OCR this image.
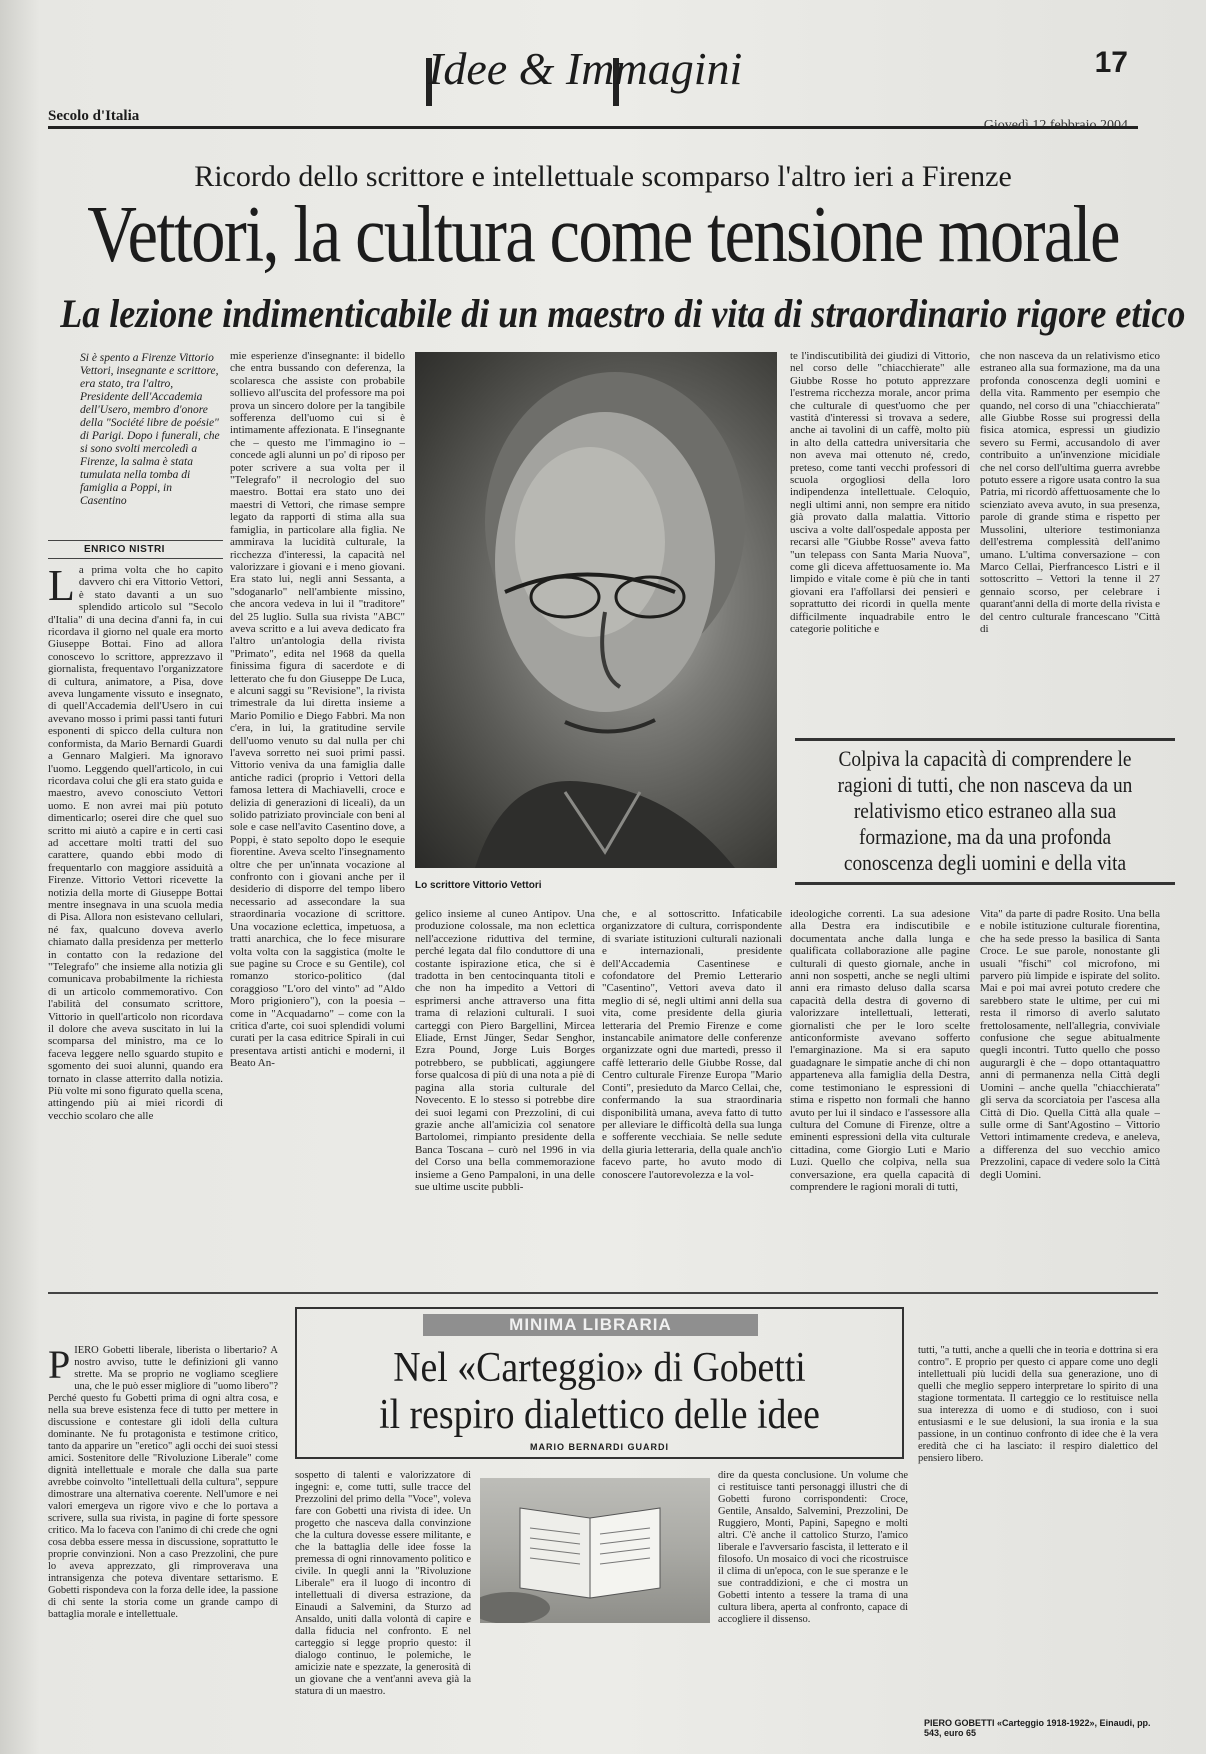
Idee & Immagini
Secolo d'Italia
17
Ricordo dello scrittore e intellettuale scomparso l'altro ieri a Firenze
Vettori, la cultura come tensione morale
La lezione indimenticabile di un maestro di vita di straordinario rigore etico
Si è spento a Firenze Vittorio Vettori, insegnante e scrittore, era stato, tra l'altro, Presidente dell'Accademia dell'Usero, membro d'onore della "Société libre de poésie" di Parigi. Dopo i funerali, che si sono svolti mercoledì a Firenze, la salma è stata tumulata nella tomba di famiglia a Poppi, in Casentino
ENRICO NISTRI
La prima volta che ho capito davvero chi era Vittorio Vettori, è stato davanti a un suo splendido articolo sul "Secolo d'Italia" di una decina d'anni fa, in cui ricordava il giorno nel quale era morto Giuseppe Bottai. Fino ad allora conoscevo lo scrittore, apprezzavo il giornalista, frequentavo l'organizzatore di cultura, animatore, a Pisa, dove aveva lungamente vissuto e insegnato, di quell'Accademia dell'Usero in cui avevano mosso i primi passi tanti futuri esponenti di spicco della cultura non conformista, da Mario Bernardi Guardi a Gennaro Malgieri. Ma ignoravo l'uomo. Leggendo quell'articolo, in cui ricordava colui che gli era stato guida e maestro, avevo conosciuto Vettori uomo. E non avrei mai più potuto dimenticarlo; oserei dire che quel suo scritto mi aiutò a capire e in certi casi ad accettare molti tratti del suo carattere, quando ebbi modo di frequentarlo con maggiore assiduità a Firenze. Vittorio Vettori ricevette la notizia della morte di Giuseppe Bottai mentre insegnava in una scuola media di Pisa. Allora non esistevano cellulari, né fax, qualcuno doveva averlo chiamato dalla presidenza per metterlo in contatto con la redazione del "Telegrafo" che insieme alla notizia gli comunicava probabilmente la richiesta di un articolo commemorativo. Con l'abilità del consumato scrittore, Vittorio in quell'articolo non ricordava il dolore che aveva suscitato in lui la scomparsa del ministro, ma ce lo faceva leggere nello sguardo stupito e sgomento dei suoi alunni, quando era tornato in classe atterrito dalla notizia. Più volte mi sono figurato quella scena, attingendo più ai miei ricordi di vecchio scolaro che alle
mie esperienze d'insegnante: il bidello che entra bussando con deferenza, la scolaresca che assiste con probabile sollievo all'uscita del professore ma poi prova un sincero dolore per la tangibile sofferenza dell'uomo cui si è intimamente affezionata. E l'insegnante che – questo me l'immagino io – concede agli alunni un po' di riposo per poter scrivere a sua volta per il "Telegrafo" il necrologio del suo maestro. Bottai era stato uno dei maestri di Vettori, che rimase sempre legato da rapporti di stima alla sua famiglia, in particolare alla figlia. Ne ammirava la lucidità culturale, la ricchezza d'interessi, la capacità nel valorizzare i giovani e i meno giovani. Era stato lui, negli anni Sessanta, a "sdoganarlo" nell'ambiente missino, che ancora vedeva in lui il "traditore" del 25 luglio. Sulla sua rivista "ABC" aveva scritto e a lui aveva dedicato fra l'altro un'antologia della rivista "Primato", edita nel 1968 da quella finissima figura di sacerdote e di letterato che fu don Giuseppe De Luca, e alcuni saggi su "Revisione", la rivista trimestrale da lui diretta insieme a Mario Pomilio e Diego Fabbri. Ma non c'era, in lui, la gratitudine servile dell'uomo venuto su dal nulla per chi l'aveva sorretto nei suoi primi passi. Vittorio veniva da una famiglia dalle antiche radici (proprio i Vettori della famosa lettera di Machiavelli, croce e delizia di generazioni di liceali), da un solido patriziato provinciale con beni al sole e case nell'avito Casentino dove, a Poppi, è stato sepolto dopo le esequie fiorentine. Aveva scelto l'insegnamento oltre che per un'innata vocazione al confronto con i giovani anche per il desiderio di disporre del tempo libero necessario ad assecondare la sua straordinaria vocazione di scrittore. Una vocazione eclettica, impetuosa, a tratti anarchica, che lo fece misurare volta volta con la saggistica (molte le sue pagine su Croce e su Gentile), col romanzo storico-politico (dal coraggioso "L'oro del vinto" ad "Aldo Moro prigioniero"), con la poesia – come in "Acquadarno" – come con la critica d'arte, coi suoi splendidi volumi curati per la casa editrice Spirali in cui presentava artisti antichi e moderni, il Beato An-
Lo scrittore Vittorio Vettori
te l'indiscutibilità dei giudizi di Vittorio, nel corso delle "chiacchierate" alle Giubbe Rosse ho potuto apprezzare l'estrema ricchezza morale, ancor prima che culturale di quest'uomo che per vastità d'interessi si trovava a sedere, anche ai tavolini di un caffè, molto più in alto della cattedra universitaria che non aveva mai ottenuto né, credo, preteso, come tanti vecchi professori di scuola orgogliosi della loro indipendenza intellettuale. Celoquio, negli ultimi anni, non sempre era nitido già provato dalla malattia. Vittorio usciva a volte dall'ospedale apposta per recarsi alle "Giubbe Rosse" aveva fatto "un telepass con Santa Maria Nuova", come gli diceva affettuosamente io. Ma limpido e vitale come è più che in tanti giovani era l'affollarsi dei pensieri e soprattutto dei ricordi in quella mente difficilmente inquadrabile entro le categorie politiche e
che non nasceva da un relativismo etico estraneo alla sua formazione, ma da una profonda conoscenza degli uomini e della vita. Rammento per esempio che quando, nel corso di una "chiacchierata" alle Giubbe Rosse sui progressi della fisica atomica, espressi un giudizio severo su Fermi, accusandolo di aver contribuito a un'invenzione micidiale che nel corso dell'ultima guerra avrebbe potuto essere a rigore usata contro la sua Patria, mi ricordò affettuosamente che lo scienziato aveva avuto, in sua presenza, parole di grande stima e rispetto per Mussolini, ulteriore testimonianza dell'estrema complessità dell'animo umano. L'ultima conversazione – con Marco Cellai, Pierfrancesco Listri e il sottoscritto – Vettori la tenne il 27 gennaio scorso, per celebrare i quarant'anni della di morte della rivista e del centro culturale francescano "Città di
Colpiva la capacità di comprendere le ragioni di tutti, che non nasceva da un relativismo etico estraneo alla sua formazione, ma da una profonda conoscenza degli uomini e della vita
gelico insieme al cuneo Antipov. Una produzione colossale, ma non eclettica nell'accezione riduttiva del termine, perché legata dal filo conduttore di una costante ispirazione etica, che si è tradotta in ben centocinquanta titoli e che non ha impedito a Vettori di esprimersi anche attraverso una fitta trama di relazioni culturali. I suoi carteggi con Piero Bargellini, Mircea Eliade, Ernst Jünger, Sedar Senghor, Ezra Pound, Jorge Luis Borges potrebbero, se pubblicati, aggiungere forse qualcosa di più di una nota a piè di pagina alla storia culturale del Novecento. E lo stesso si potrebbe dire dei suoi legami con Prezzolini, di cui grazie anche all'amicizia col senatore Bartolomei, rimpianto presidente della Banca Toscana – curò nel 1996 in via del Corso una bella commemorazione insieme a Geno Pampaloni, in una delle sue ultime uscite pubbli-
che, e al sottoscritto. Infaticabile organizzatore di cultura, corrispondente di svariate istituzioni culturali nazionali e internazionali, presidente dell'Accademia Casentinese e cofondatore del Premio Letterario "Casentino", Vettori aveva dato il meglio di sé, negli ultimi anni della sua vita, come presidente della giuria letteraria del Premio Firenze e come instancabile animatore delle conferenze organizzate ogni due martedì, presso il caffè letterario delle Giubbe Rosse, dal Centro culturale Firenze Europa "Mario Conti", presieduto da Marco Cellai, che, confermando la sua straordinaria disponibilità umana, aveva fatto di tutto per alleviare le difficoltà della sua lunga e sofferente vecchiaia. Se nelle sedute della giuria letteraria, della quale anch'io facevo parte, ho avuto modo di conoscere l'autorevolezza e la vol-
ideologiche correnti. La sua adesione alla Destra era indiscutibile e documentata anche dalla lunga e qualificata collaborazione alle pagine culturali di questo giornale, anche in anni non sospetti, anche se negli ultimi anni era rimasto deluso dalla scarsa capacità della destra di governo di valorizzare intellettuali, letterati, giornalisti che per le loro scelte anticonformiste avevano sofferto l'emarginazione. Ma si era saputo guadagnare le simpatie anche di chi non apparteneva alla famiglia della Destra, come testimoniano le espressioni di stima e rispetto non formali che hanno avuto per lui il sindaco e l'assessore alla cultura del Comune di Firenze, oltre a eminenti espressioni della vita culturale cittadina, come Giorgio Luti e Mario Luzi. Quello che colpiva, nella sua conversazione, era quella capacità di comprendere le ragioni morali di tutti,
Vita" da parte di padre Rosito. Una bella e nobile istituzione culturale fiorentina, che ha sede presso la basilica di Santa Croce. Le sue parole, nonostante gli usuali "fischi" col microfono, mi parvero più limpide e ispirate del solito. Mai e poi mai avrei potuto credere che sarebbero state le ultime, per cui mi resta il rimorso di averlo salutato frettolosamente, nell'allegria, conviviale confusione che segue abitualmente quegli incontri. Tutto quello che posso augurargli è che – dopo ottantaquattro anni di permanenza nella Città degli Uomini – anche quella "chiacchierata" gli serva da scorciatoia per l'ascesa alla Città di Dio. Quella Città alla quale – sulle orme di Sant'Agostino – Vittorio Vettori intimamente credeva, e aneleva, a differenza del suo vecchio amico Prezzolini, capace di vedere solo la Città degli Uomini.
MINIMA LIBRARIA
Nel «Carteggio» di Gobetti
il respiro dialettico delle idee
MARIO BERNARDI GUARDI
PIERO Gobetti liberale, liberista o libertario? A nostro avviso, tutte le definizioni gli vanno strette. Ma se proprio ne vogliamo scegliere una, che le può esser migliore di "uomo libero"? Perché questo fu Gobetti prima di ogni altra cosa, e nella sua breve esistenza fece di tutto per mettere in discussione e contestare gli idoli della cultura dominante. Ne fu protagonista e testimone critico, tanto da apparire un "eretico" agli occhi dei suoi stessi amici. Sostenitore delle "Rivoluzione Liberale" come dignità intellettuale e morale che dalla sua parte avrebbe coinvolto "intellettuali della cultura", seppure dimostrare una alternativa coerente. Nell'umore e nei valori emergeva un rigore vivo e che lo portava a scrivere, sulla sua rivista, in pagine di forte spessore critico. Ma lo faceva con l'animo di chi crede che ogni cosa debba essere messa in discussione, soprattutto le proprie convinzioni. Non a caso Prezzolini, che pure lo aveva apprezzato, gli rimproverava una intransigenza che poteva diventare settarismo. E Gobetti rispondeva con la forza delle idee, la passione di chi sente la storia come un grande campo di battaglia morale e intellettuale.
sospetto di talenti e valorizzatore di ingegni: e, come tutti, sulle tracce del Prezzolini del primo della "Voce", voleva fare con Gobetti una rivista di idee. Un progetto che nasceva dalla convinzione che la cultura dovesse essere militante, e che la battaglia delle idee fosse la premessa di ogni rinnovamento politico e civile. In quegli anni la "Rivoluzione Liberale" era il luogo di incontro di intellettuali di diversa estrazione, da Einaudi a Salvemini, da Sturzo ad Ansaldo, uniti dalla volontà di capire e dalla fiducia nel confronto. E nel carteggio si legge proprio questo: il dialogo continuo, le polemiche, le amicizie nate e spezzate, la generosità di un giovane che a vent'anni aveva già la statura di un maestro.
dire da questa conclusione. Un volume che ci restituisce tanti personaggi illustri che di Gobetti furono corrispondenti: Croce, Gentile, Ansaldo, Salvemini, Prezzolini, De Ruggiero, Monti, Papini, Sapegno e molti altri. C'è anche il cattolico Sturzo, l'amico liberale e l'avversario fascista, il letterato e il filosofo. Un mosaico di voci che ricostruisce il clima di un'epoca, con le sue speranze e le sue contraddizioni, e che ci mostra un Gobetti intento a tessere la trama di una cultura libera, aperta al confronto, capace di accogliere il dissenso.
tutti, "a tutti, anche a quelli che in teoria e dottrina si era contro". E proprio per questo ci appare come uno degli intellettuali più lucidi della sua generazione, uno di quelli che meglio seppero interpretare lo spirito di una stagione tormentata. Il carteggio ce lo restituisce nella sua interezza di uomo e di studioso, con i suoi entusiasmi e le sue delusioni, la sua ironia e la sua passione, in un continuo confronto di idee che è la vera eredità che ci ha lasciato: il respiro dialettico del pensiero libero.
PIERO GOBETTI «Carteggio 1918-1922», Einaudi, pp. 543, euro 65
